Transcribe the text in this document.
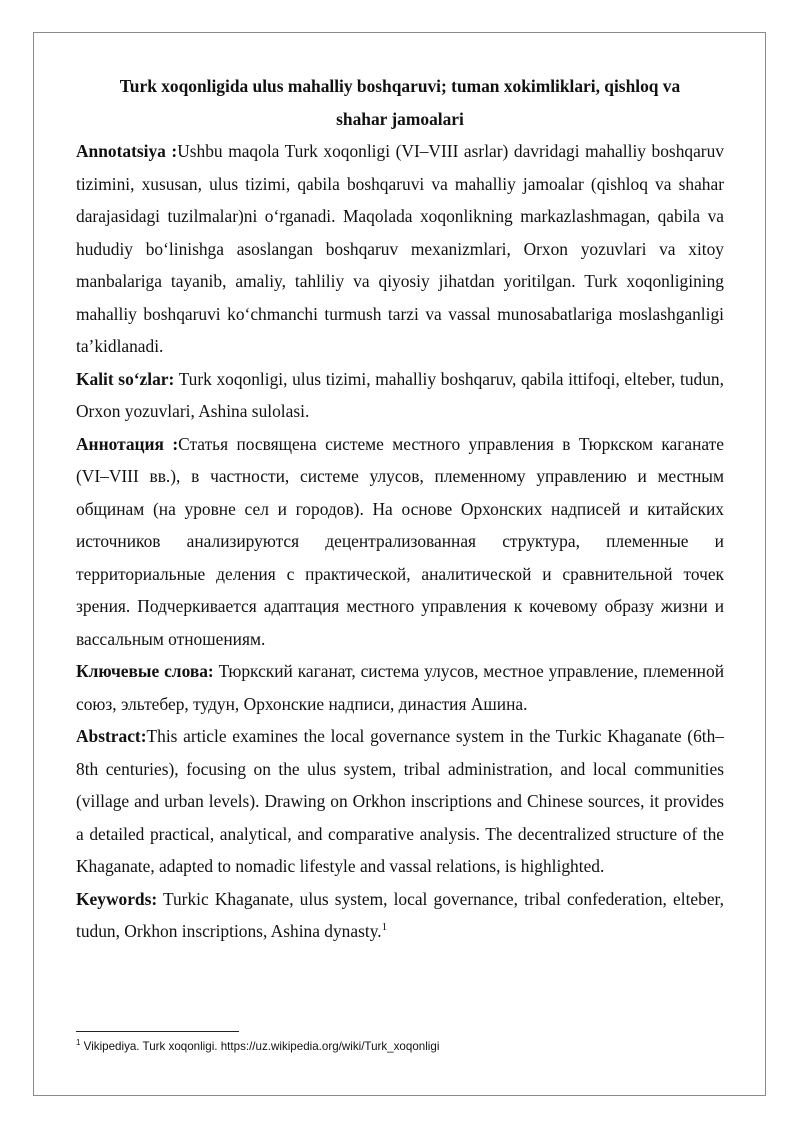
Turk xoqonligida ulus mahalliy boshqaruvi; tuman xokimliklari, qishloq va shahar jamoalari

Annotatsiya :Ushbu maqola Turk xoqonligi (VI–VIII asrlar) davridagi mahalliy boshqaruv tizimini, xususan, ulus tizimi, qabila boshqaruvi va mahalliy jamoalar (qishloq va shahar darajasidagi tuzilmalar)ni o‘rganadi. Maqolada xoqonlikning markazlashmagan, qabila va hududiy bo‘linishga asoslangan boshqaruv mexanizmlari, Orxon yozuvlari va xitoy manbalariga tayanib, amaliy, tahliliy va qiyosiy jihatdan yoritilgan. Turk xoqonligining mahalliy boshqaruvi ko‘chmanchi turmush tarzi va vassal munosabatlariga moslashganligi ta’kidlanadi.

Kalit so‘zlar: Turk xoqonligi, ulus tizimi, mahalliy boshqaruv, qabila ittifoqi, elteber, tudun, Orxon yozuvlari, Ashina sulolasi.

Аннотация :Статья посвящена системе местного управления в Тюркском каганате (VI–VIII вв.), в частности, системе улусов, племенному управлению и местным общинам (на уровне сел и городов). На основе Орхонских надписей и китайских источников анализируются децентрализованная структура, племенные и территориальные деления с практической, аналитической и сравнительной точек зрения. Подчеркивается адаптация местного управления к кочевому образу жизни и вассальным отношениям.

Ключевые слова: Тюркский каганат, система улусов, местное управление, племенной союз, эльтебер, тудун, Орхонские надписи, династия Ашина.

Abstract:This article examines the local governance system in the Turkic Khaganate (6th–8th centuries), focusing on the ulus system, tribal administration, and local communities (village and urban levels). Drawing on Orkhon inscriptions and Chinese sources, it provides a detailed practical, analytical, and comparative analysis. The decentralized structure of the Khaganate, adapted to nomadic lifestyle and vassal relations, is highlighted.

Keywords: Turkic Khaganate, ulus system, local governance, tribal confederation, elteber, tudun, Orkhon inscriptions, Ashina dynasty.$^1$

$^1$ Vikipediya. Turk xoqonligi. https://uz.wikipedia.org/wiki/Turk_xoqonligi
